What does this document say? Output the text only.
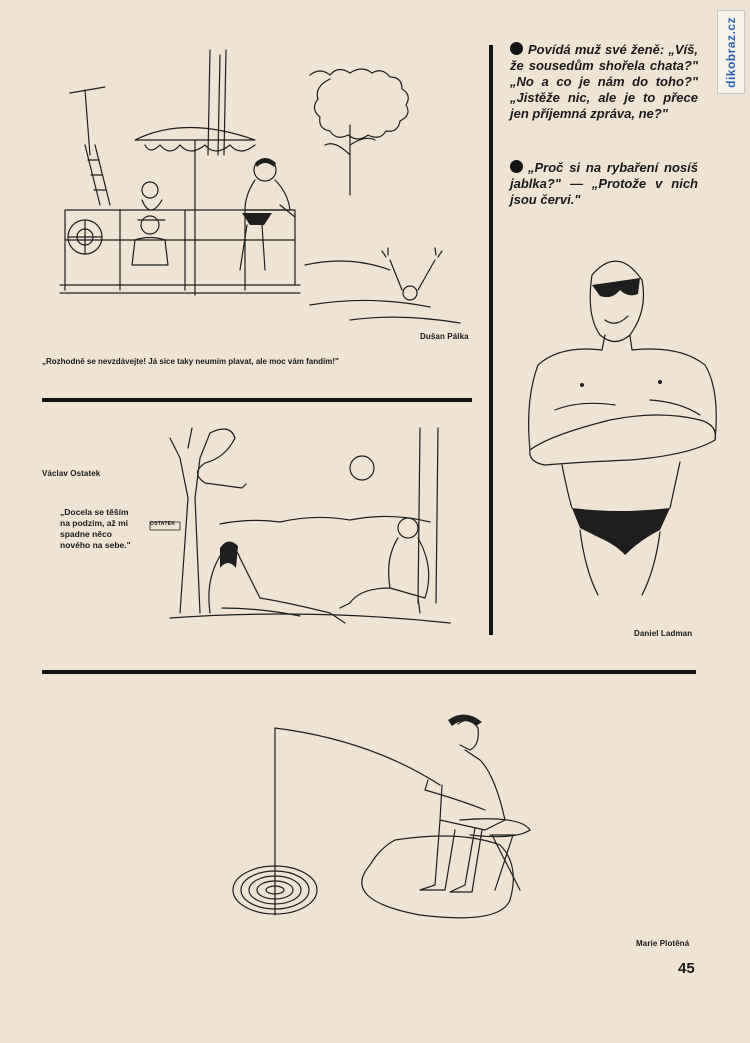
dikobraz.cz
Dušan Pálka
„Rozhodně se nevzdávejte! Já sice taky neumím plavat, ale moc vám fandím!"
Povídá muž své ženě: „Víš, že sousedům shořela chata?" „No a co je nám do toho?" „Jistěže nic, ale je to přece jen příjemná zpráva, ne?"
„Proč si na rybaření nosíš jablka?" — „Protože v nich jsou červi."
Václav Ostatek
„Docela se těším na podzim, až mi spadne něco nového na sebe."
OSTATEK
Daniel Ladman
Marie Plotěná
45
